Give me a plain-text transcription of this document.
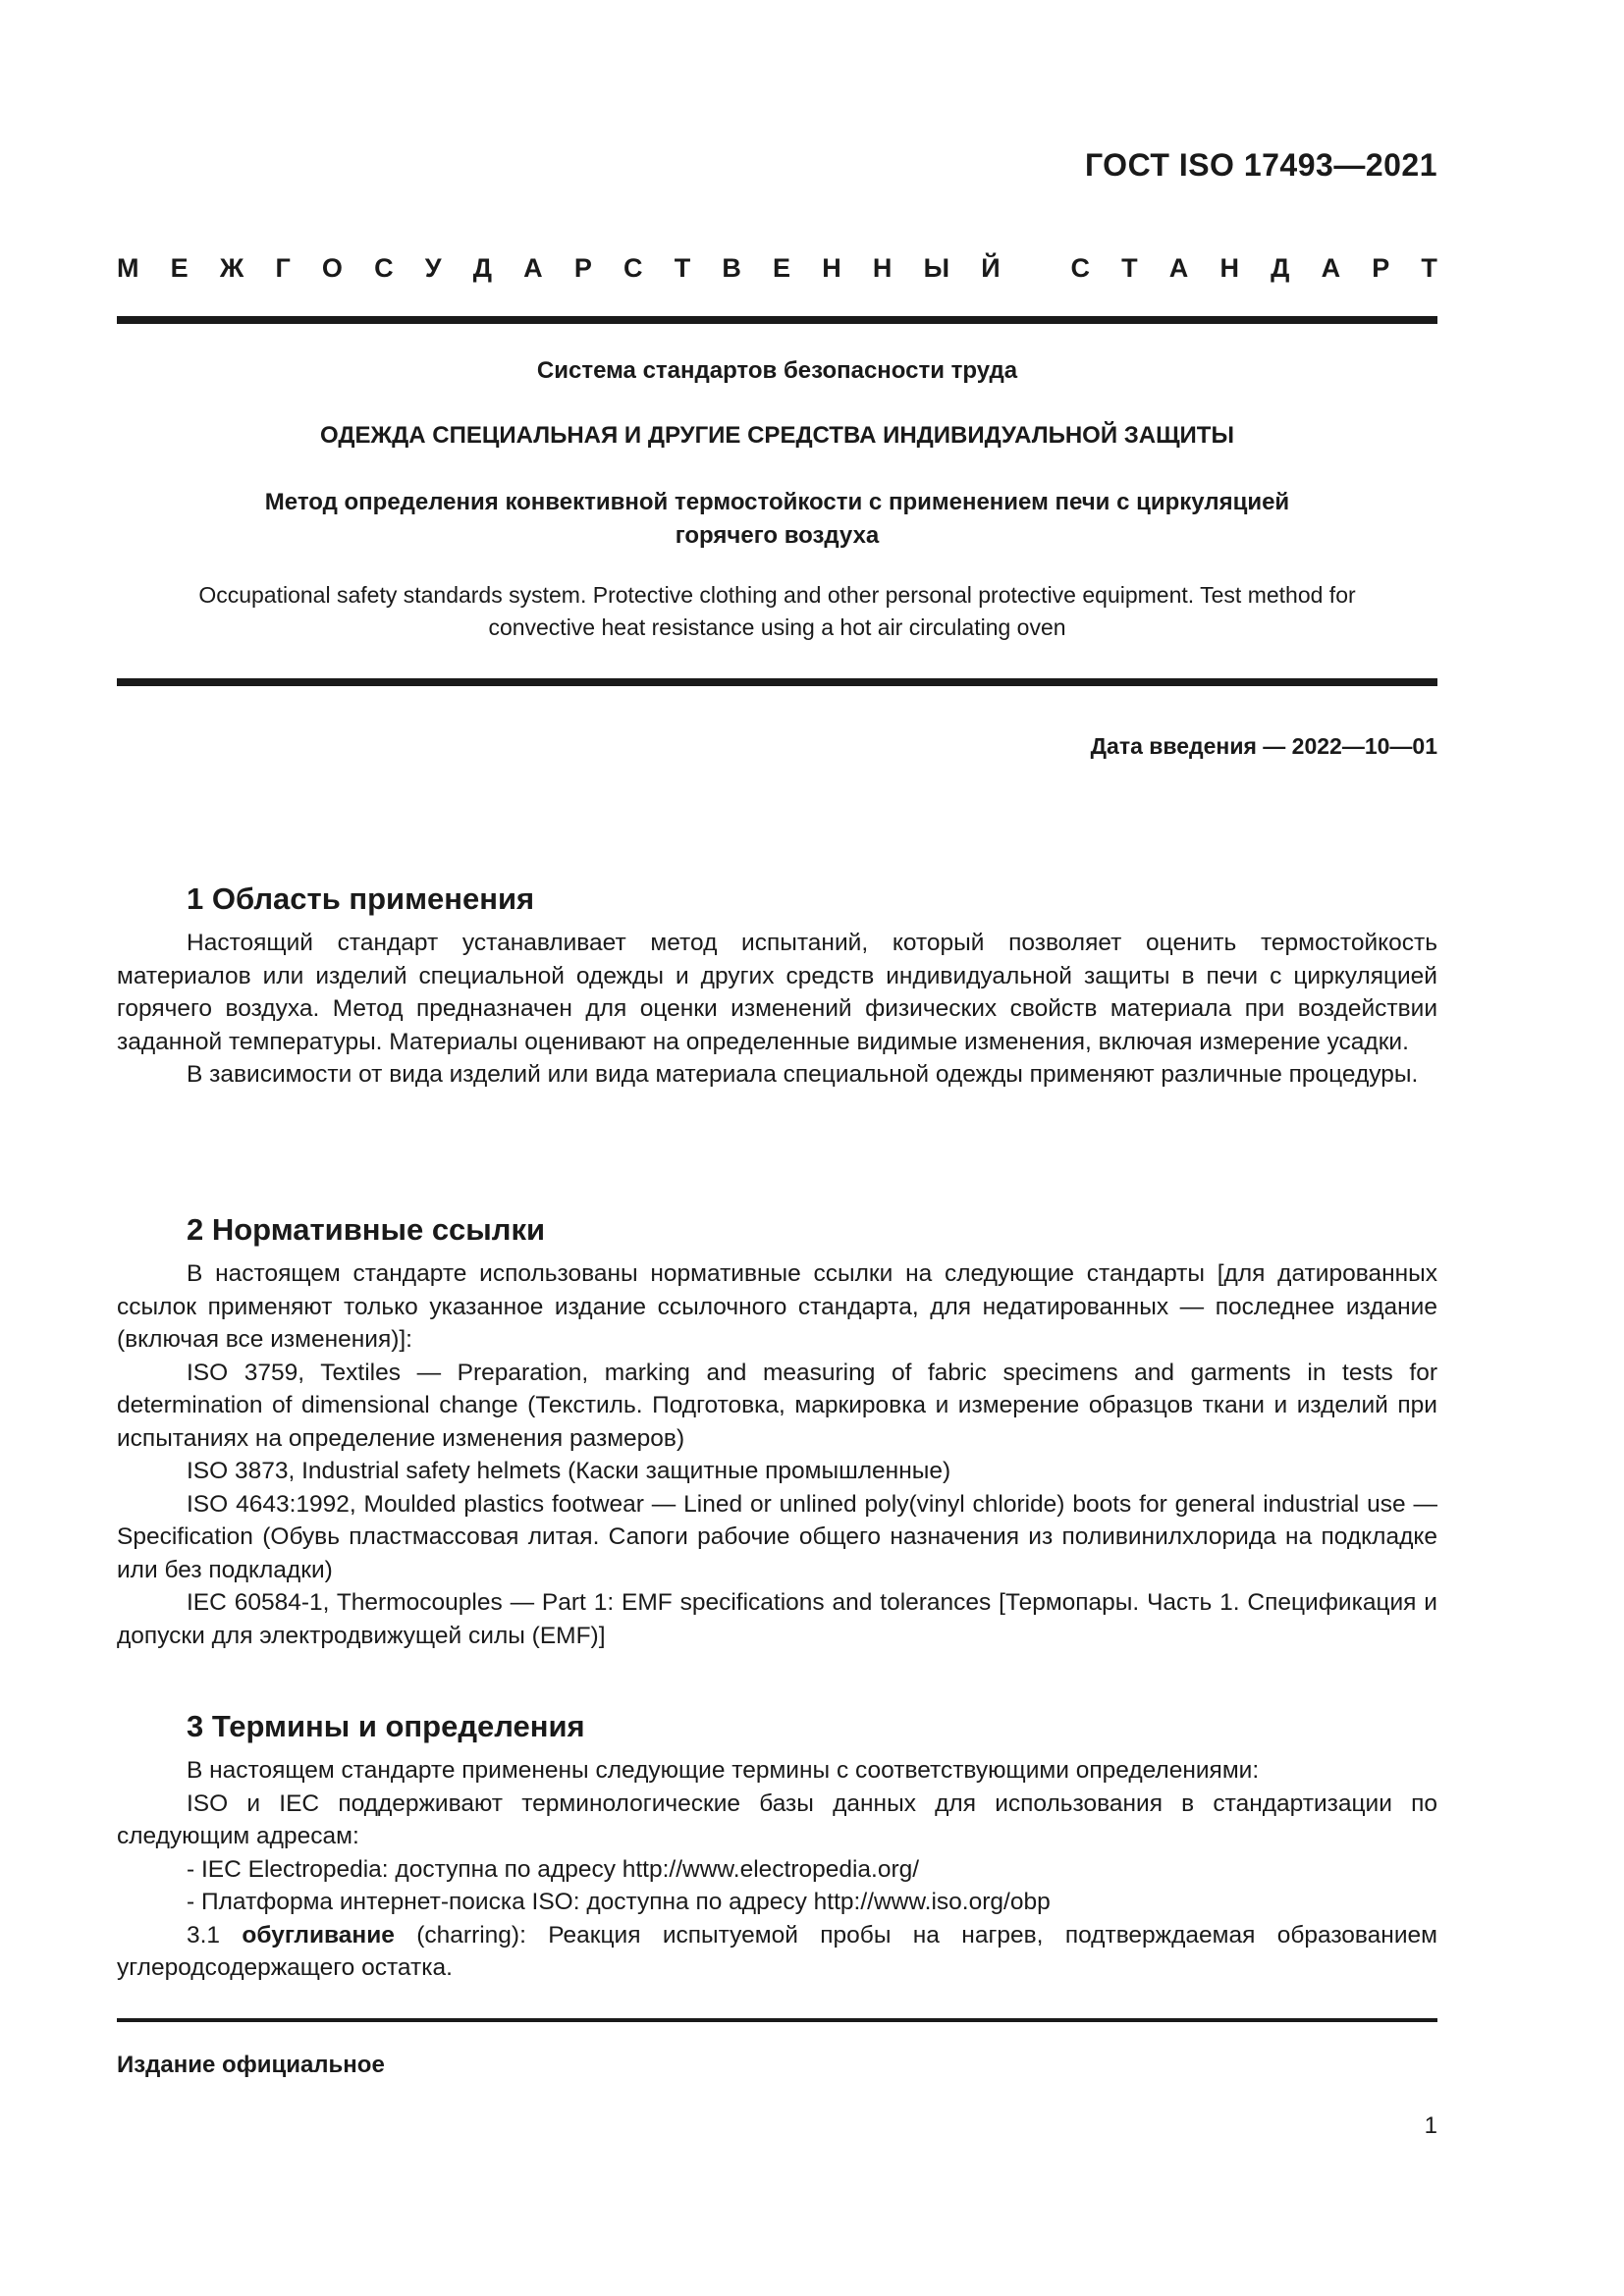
ГОСТ ISO 17493—2021
М Е Ж Г О С У Д А Р С Т В Е Н Н Ы Й
	С Т А Н Д А Р Т
Система стандартов безопасности труда
ОДЕЖДА СПЕЦИАЛЬНАЯ И ДРУГИЕ СРЕДСТВА ИНДИВИДУАЛЬНОЙ ЗАЩИТЫ
Метод определения конвективной термостойкости с применением печи с циркуляцией
горячего воздуха
Occupational safety standards system. Protective clothing and other personal protective equipment. Test method for
convective heat resistance using a hot air circulating oven
Дата введения — 2022—10—01
1 Область применения

Настоящий стандарт устанавливает метод испытаний, который позволяет оценить термостойкость материалов или изделий специальной одежды и других средств индивидуальной защиты в печи с циркуляцией горячего воздуха. Метод предназначен для оценки изменений физических свойств материала при воздействии заданной температуры. Материалы оценивают на определенные видимые изменения, включая измерение усадки.

В зависимости от вида изделий или вида материала специальной одежды применяют различные процедуры.

2 Нормативные ссылки

В настоящем стандарте использованы нормативные ссылки на следующие стандарты [для датированных ссылок применяют только указанное издание ссылочного стандарта, для недатированных — последнее издание (включая все изменения)]:

ISO 3759, Textiles — Preparation, marking and measuring of fabric specimens and garments in tests for determination of dimensional change (Текстиль. Подготовка, маркировка и измерение образцов ткани и изделий при испытаниях на определение изменения размеров)

ISO 3873, Industrial safety helmets (Каски защитные промышленные)

ISO 4643:1992, Moulded plastics footwear — Lined or unlined poly(vinyl chloride) boots for general industrial use — Specification (Обувь пластмассовая литая. Сапоги рабочие общего назначения из поливинилхлорида на подкладке или без подкладки)

IEC 60584-1, Thermocouples — Part 1: EMF specifications and tolerances [Термопары. Часть 1. Спецификация и допуски для электродвижущей силы (EMF)]

3 Термины и определения

В настоящем стандарте применены следующие термины с соответствующими определениями:

ISO и IEC поддерживают терминологические базы данных для использования в стандартизации по следующим адресам:

- IEC Electropedia: доступна по адресу http://www.electropedia.org/

- Платформа интернет-поиска ISO: доступна по адресу http://www.iso.org/obp

3.1 обугливание (charring): Реакция испытуемой пробы на нагрев, подтверждаемая образованием углеродсодержащего остатка.

Издание официальное
1
